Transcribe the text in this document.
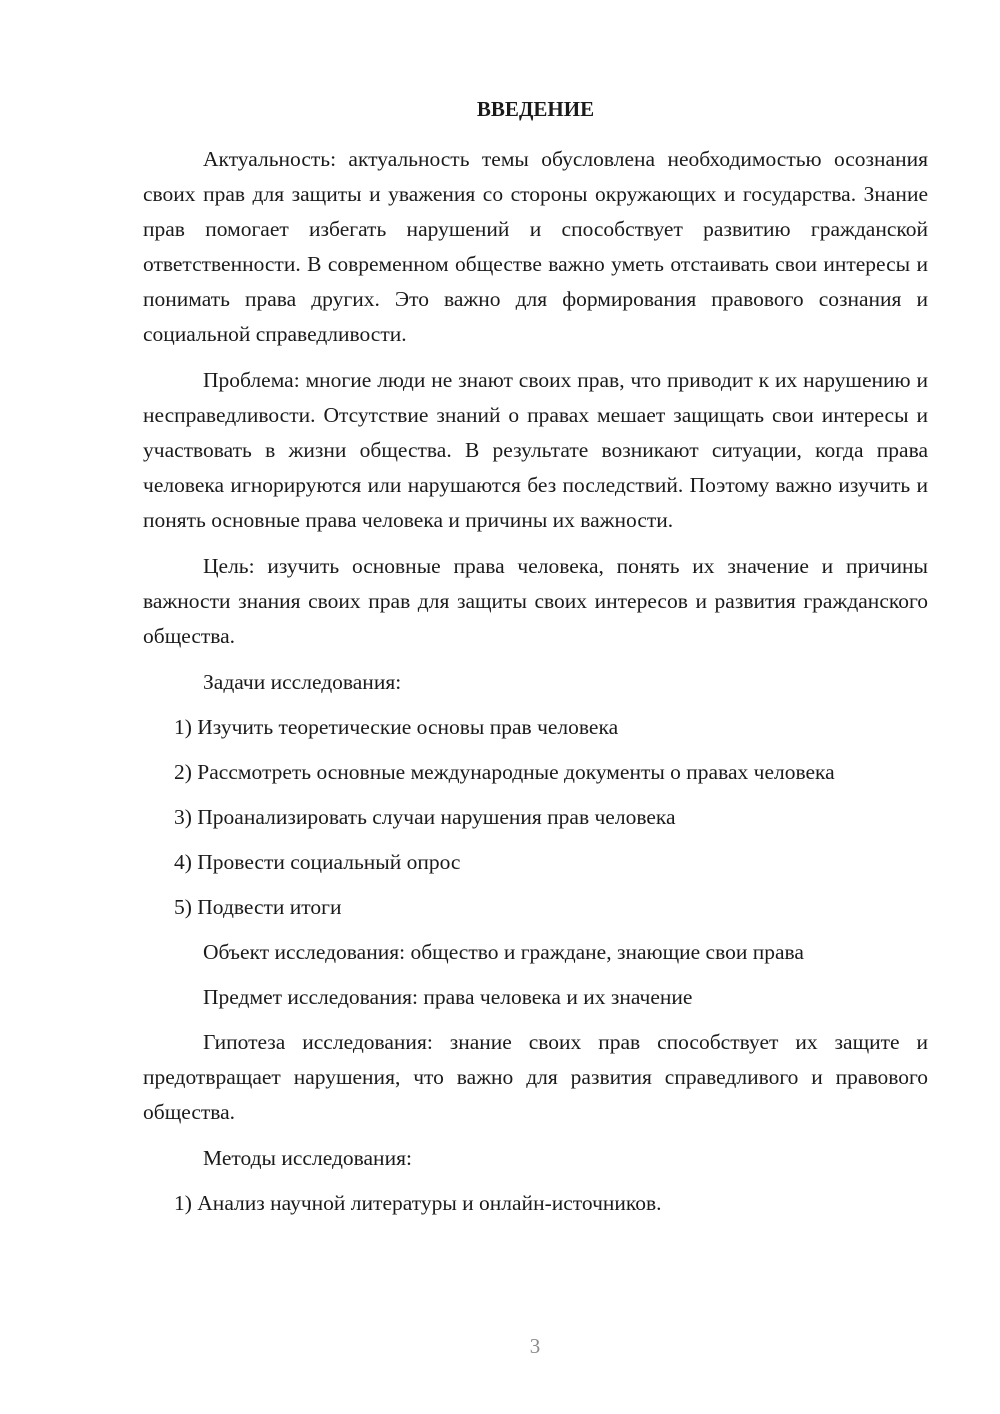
ВВЕДЕНИЕ

Актуальность: актуальность темы обусловлена необходимостью осознания своих прав для защиты и уважения со стороны окружающих и государства. Знание прав помогает избегать нарушений и способствует развитию гражданской ответственности. В современном обществе важно уметь отстаивать свои интересы и понимать права других. Это важно для формирования правового сознания и социальной справедливости.

Проблема: многие люди не знают своих прав, что приводит к их нарушению и несправедливости. Отсутствие знаний о правах мешает защищать свои интересы и участвовать в жизни общества. В результате возникают ситуации, когда права человека игнорируются или нарушаются без последствий. Поэтому важно изучить и понять основные права человека и причины их важности.

Цель: изучить основные права человека, понять их значение и причины важности знания своих прав для защиты своих интересов и развития гражданского общества.

Задачи исследования:

1) Изучить теоретические основы прав человека

2) Рассмотреть основные международные документы о правах человека

3) Проанализировать случаи нарушения прав человека

4) Провести социальный опрос

5) Подвести итоги

Объект исследования: общество и граждане, знающие свои права

Предмет исследования: права человека и их значение

Гипотеза исследования: знание своих прав способствует их защите и предотвращает нарушения, что важно для развития справедливого и правового общества.

Методы исследования:

1) Анализ научной литературы и онлайн-источников.

3
